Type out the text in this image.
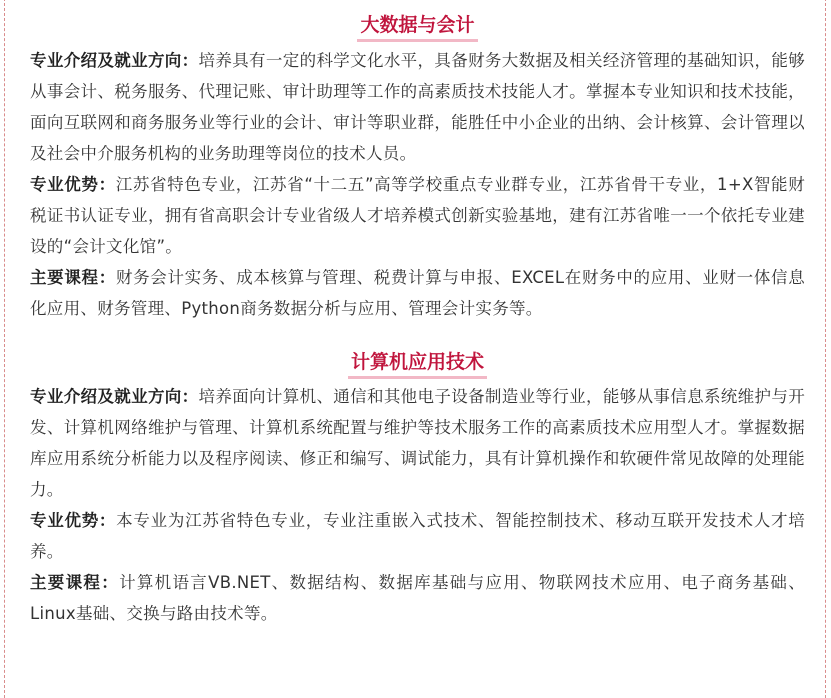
大数据与会计

专业介绍及就业方向：培养具有一定的科学文化水平，具备财务大数据及相关经济管理的基础知识，能够从事会计、税务服务、代理记账、审计助理等工作的高素质技术技能人才。掌握本专业知识和技术技能，面向互联网和商务服务业等行业的会计、审计等职业群，能胜任中小企业的出纳、会计核算、会计管理以及社会中介服务机构的业务助理等岗位的技术人员。

专业优势：江苏省特色专业，江苏省“十二五”高等学校重点专业群专业，江苏省骨干专业，1+X智能财税证书认证专业，拥有省高职会计专业省级人才培养模式创新实验基地，建有江苏省唯一一个依托专业建设的“会计文化馆”。

主要课程：财务会计实务、成本核算与管理、税费计算与申报、EXCEL在财务中的应用、业财一体信息化应用、财务管理、Python商务数据分析与应用、管理会计实务等。

计算机应用技术

专业介绍及就业方向：培养面向计算机、通信和其他电子设备制造业等行业，能够从事信息系统维护与开发、计算机网络维护与管理、计算机系统配置与维护等技术服务工作的高素质技术应用型人才。掌握数据库应用系统分析能力以及程序阅读、修正和编写、调试能力，具有计算机操作和软硬件常见故障的处理能力。

专业优势：本专业为江苏省特色专业，专业注重嵌入式技术、智能控制技术、移动互联开发技术人才培养。

主要课程：计算机语言VB.NET、数据结构、数据库基础与应用、物联网技术应用、电子商务基础、Linux基础、交换与路由技术等。
